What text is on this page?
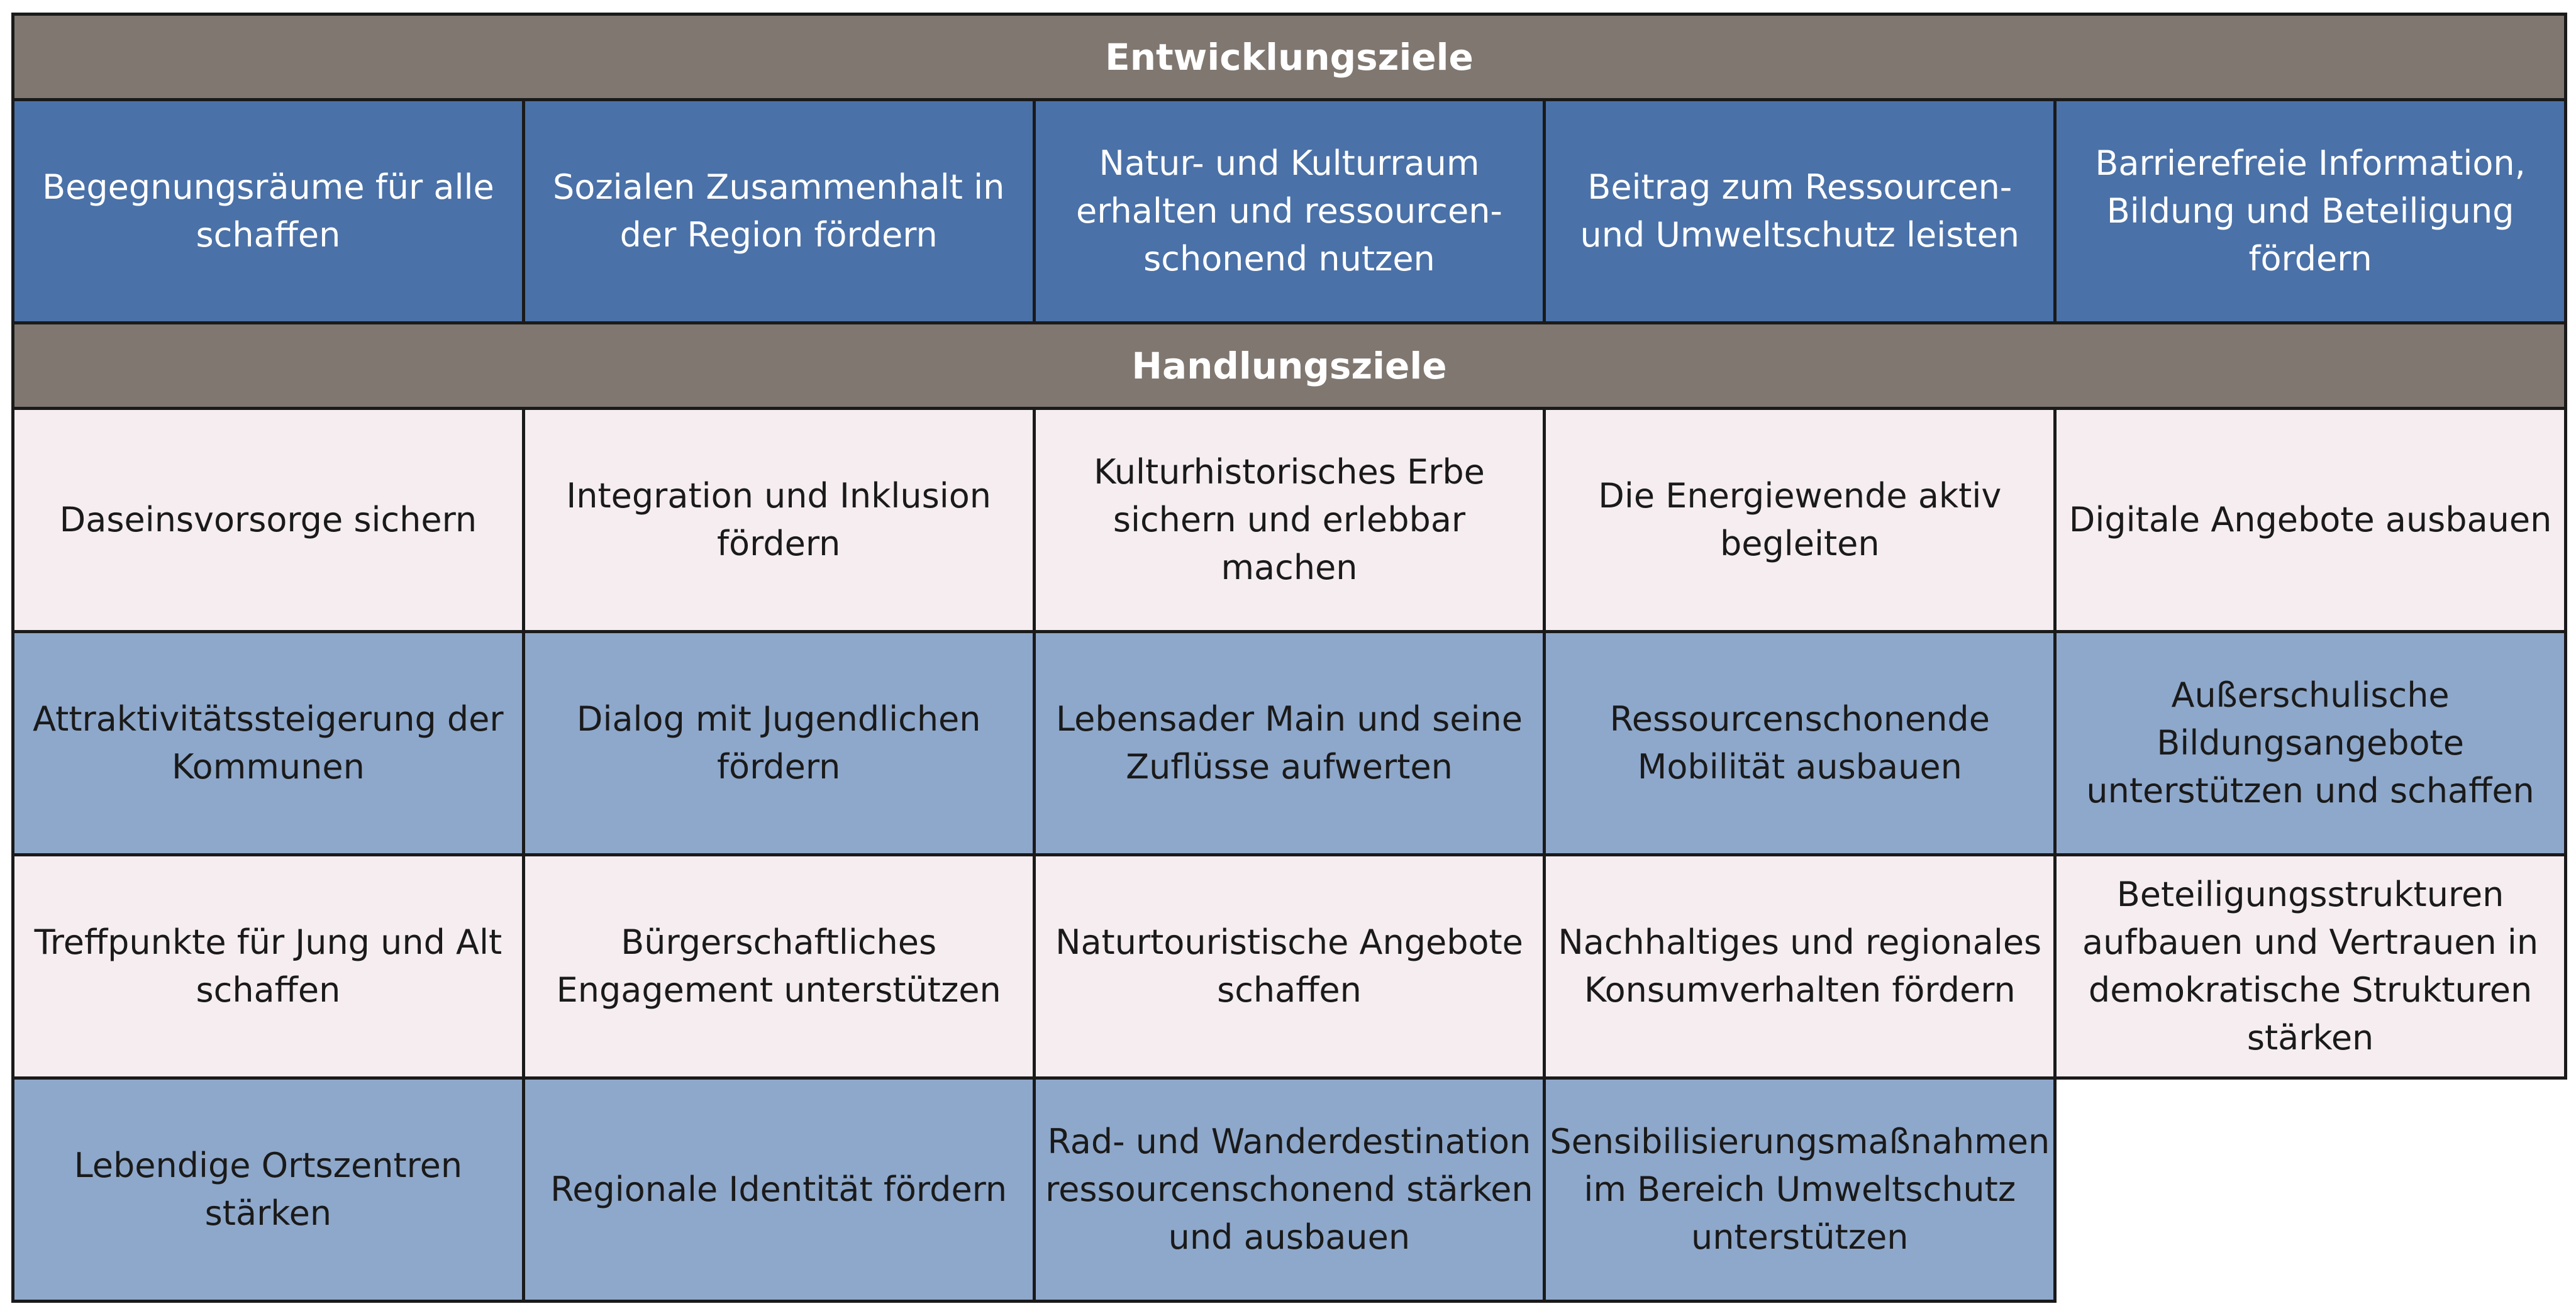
Entwicklungsziele
Begegnungsräume für alle schaffen
Sozialen Zusammenhalt in der Region fördern
Natur- und Kulturraum erhalten und ressourcen-schonend nutzen
Beitrag zum Ressourcen- und Umweltschutz leisten
Barrierefreie Information, Bildung und Beteiligung fördern
Handlungsziele
Daseinsvorsorge sichern
Integration und Inklusion fördern
Kulturhistorisches Erbe sichern und erlebbar machen
Die Energiewende aktiv begleiten
Digitale Angebote ausbauen
Attraktivitätssteigerung der Kommunen
Dialog mit Jugendlichen fördern
Lebensader Main und seine Zuflüsse aufwerten
Ressourcenschonende Mobilität ausbauen
Außerschulische Bildungsangebote unterstützen und schaffen
Treffpunkte für Jung und Alt schaffen
Bürgerschaftliches Engagement unterstützen
Naturtouristische Angebote schaffen
Nachhaltiges und regionales Konsumverhalten fördern
Beteiligungsstrukturen aufbauen und Vertrauen in demokratische Strukturen stärken
Lebendige Ortszentren stärken
Regionale Identität fördern
Rad- und Wanderdestination ressourcenschonend stärken und ausbauen
Sensibilisierungsmaßnahmen im Bereich Umweltschutz unterstützen
